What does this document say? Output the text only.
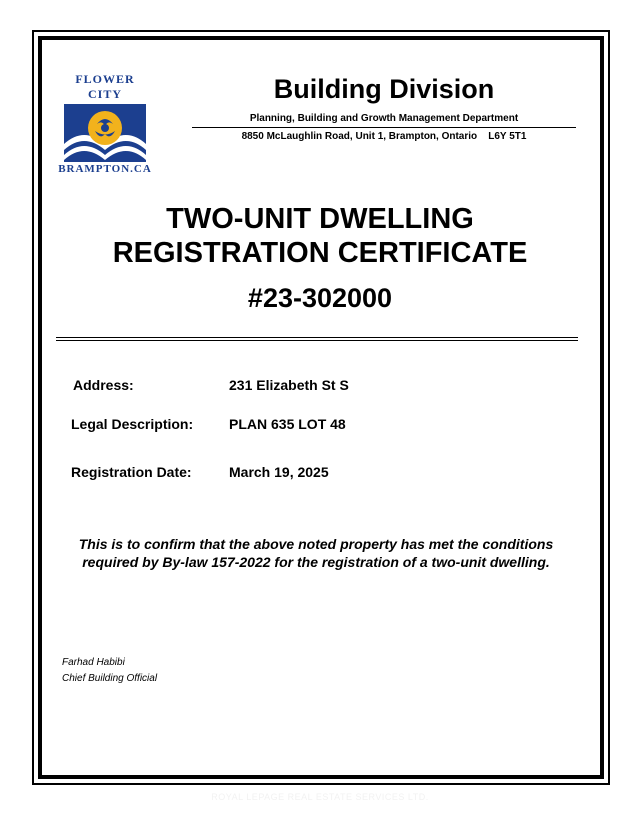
FLOWER CITY
BRAMPTON.CA
Building Division
Planning, Building and Growth Management Department
8850 McLaughlin Road, Unit 1, Brampton, Ontario    L6Y 5T1
TWO-UNIT DWELLING
REGISTRATION CERTIFICATE
#23-302000
Address:	231 Elizabeth St S
Legal Description:	PLAN 635 LOT 48
Registration Date:	March 19, 2025
This is to confirm that the above noted property has met the conditions
required by By-law 157-2022 for the registration of a two-unit dwelling.
Farhad Habibi
Chief Building Official
ROYAL LEPAGE REAL ESTATE SERVICES LTD.
